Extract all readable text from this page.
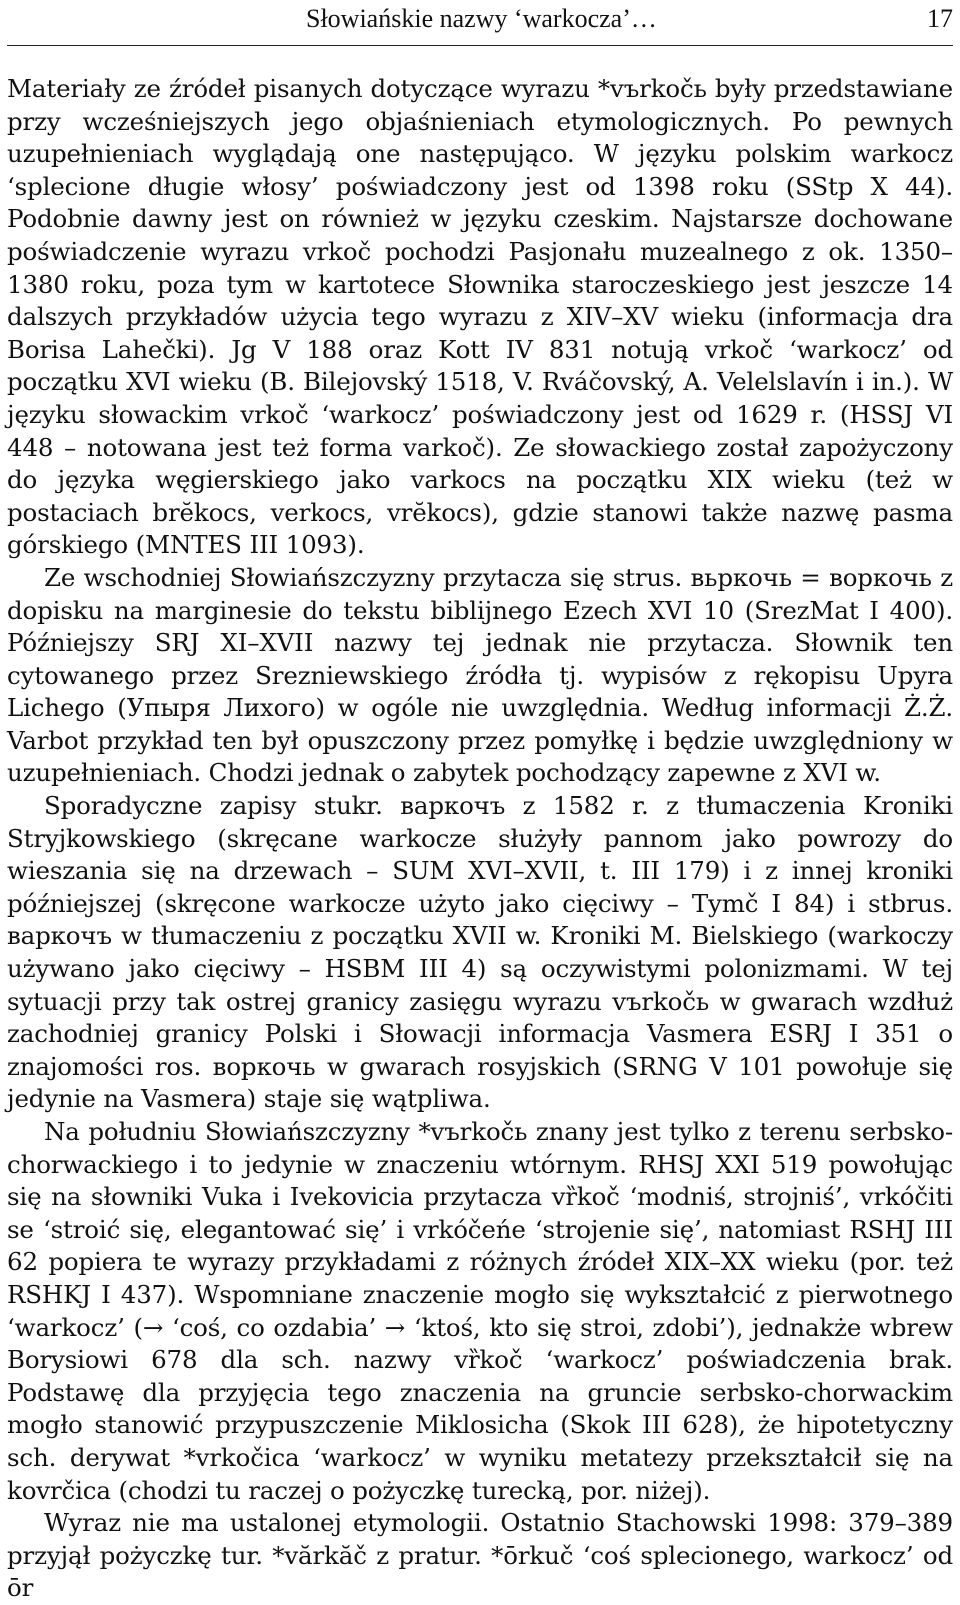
Słowiańskie nazwy ‘warkocza’…	17

Materiały ze źródeł pisanych dotyczące wyrazu *vъrkočь były przedstawiane przy wcześniejszych jego objaśnieniach etymologicznych. Po pewnych uzupełnieniach wyglądają one następująco. W języku polskim warkocz ‘splecione długie włosy’ poświadczony jest od 1398 roku (SStp X 44). Podobnie dawny jest on również w języku czeskim. Najstarsze dochowane poświadczenie wyrazu vrkoč pochodzi Pasjonału muzealnego z ok. 1350–1380 roku, poza tym w kartotece Słownika staroczeskiego jest jeszcze 14 dalszych przykładów użycia tego wyrazu z XIV–XV wieku (informacja dra Borisa Lahečki). Jg V 188 oraz Kott IV 831 notują vrkoč ‘warkocz’ od początku XVI wieku (B. Bilejovský 1518, V. Rváčovský, A. Velelslavín i in.). W języku słowackim vrkoč ‘warkocz’ poświadczony jest od 1629 r. (HSSJ VI 448 – notowana jest też forma varkoč). Ze słowackiego został zapożyczony do języka węgierskiego jako varkocs na początku XIX wieku (też w postaciach brĕkocs, verkocs, vrĕkocs), gdzie stanowi także nazwę pasma górskiego (MNTES III 1093).

Ze wschodniej Słowiańszczyzny przytacza się strus. вьркочь = воркочь z dopisku na marginesie do tekstu biblijnego Ezech XVI 10 (SrezMat I 400). Późniejszy SRJ XI–XVII nazwy tej jednak nie przytacza. Słownik ten cytowanego przez Srezniewskiego źródła tj. wypisów z rękopisu Upyra Lichego (Упыря Лихого) w ogóle nie uwzględnia. Według informacji Ż.Ż. Varbot przykład ten był opuszczony przez pomyłkę i będzie uwzględniony w uzupełnieniach. Chodzi jednak o zabytek pochodzący zapewne z XVI w.

Sporadyczne zapisy stukr. варкочъ z 1582 r. z tłumaczenia Kroniki Stryjkowskiego (skręcane warkocze służyły pannom jako powrozy do wieszania się na drzewach – SUM XVI–XVII, t. III 179) i z innej kroniki późniejszej (skręcone warkocze użyto jako cięciwy – Tymč I 84) i stbrus. варкочъ w tłumaczeniu z początku XVII w. Kroniki M. Bielskiego (warkoczy używano jako cięciwy – HSBM III 4) są oczywistymi polonizmami. W tej sytuacji przy tak ostrej granicy zasięgu wyrazu vъrkočь w gwarach wzdłuż zachodniej granicy Polski i Słowacji informacja Vasmera ESRJ I 351 o znajomości ros. воркочь w gwarach rosyjskich (SRNG V 101 powołuje się jedynie na Vasmera) staje się wątpliwa.

Na południu Słowiańszczyzny *vъrkočь znany jest tylko z terenu serbsko-chorwackiego i to jedynie w znaczeniu wtórnym. RHSJ XXI 519 powołując się na słowniki Vuka i Ivekovicia przytacza vȑkoč ‘modniś, strojniś’, vrkóčiti se ‘stroić się, elegantować się’ i vrkóčeńe ‘strojenie się’, natomiast RSHJ III 62 popiera te wyrazy przykładami z różnych źródeł XIX–XX wieku (por. też RSHKJ I 437). Wspomniane znaczenie mogło się wykształcić z pierwotnego ‘warkocz’ (→ ‘coś, co ozdabia’ → ‘ktoś, kto się stroi, zdobi’), jednakże wbrew Borysiowi 678 dla sch. nazwy vȑkoč ‘warkocz’ poświadczenia brak. Podstawę dla przyjęcia tego znaczenia na gruncie serbsko-chorwackim mogło stanowić przypuszczenie Miklosicha (Skok III 628), że hipotetyczny sch. derywat *vrkočica ‘warkocz’ w wyniku metatezy przekształcił się na kovrčica (chodzi tu raczej o pożyczkę turecką, por. niżej).

Wyraz nie ma ustalonej etymologii. Ostatnio Stachowski 1998: 379–389 przyjął pożyczkę tur. *vărkăč z pratur. *ōrkuč ‘coś splecionego, warkocz’ od ōr
